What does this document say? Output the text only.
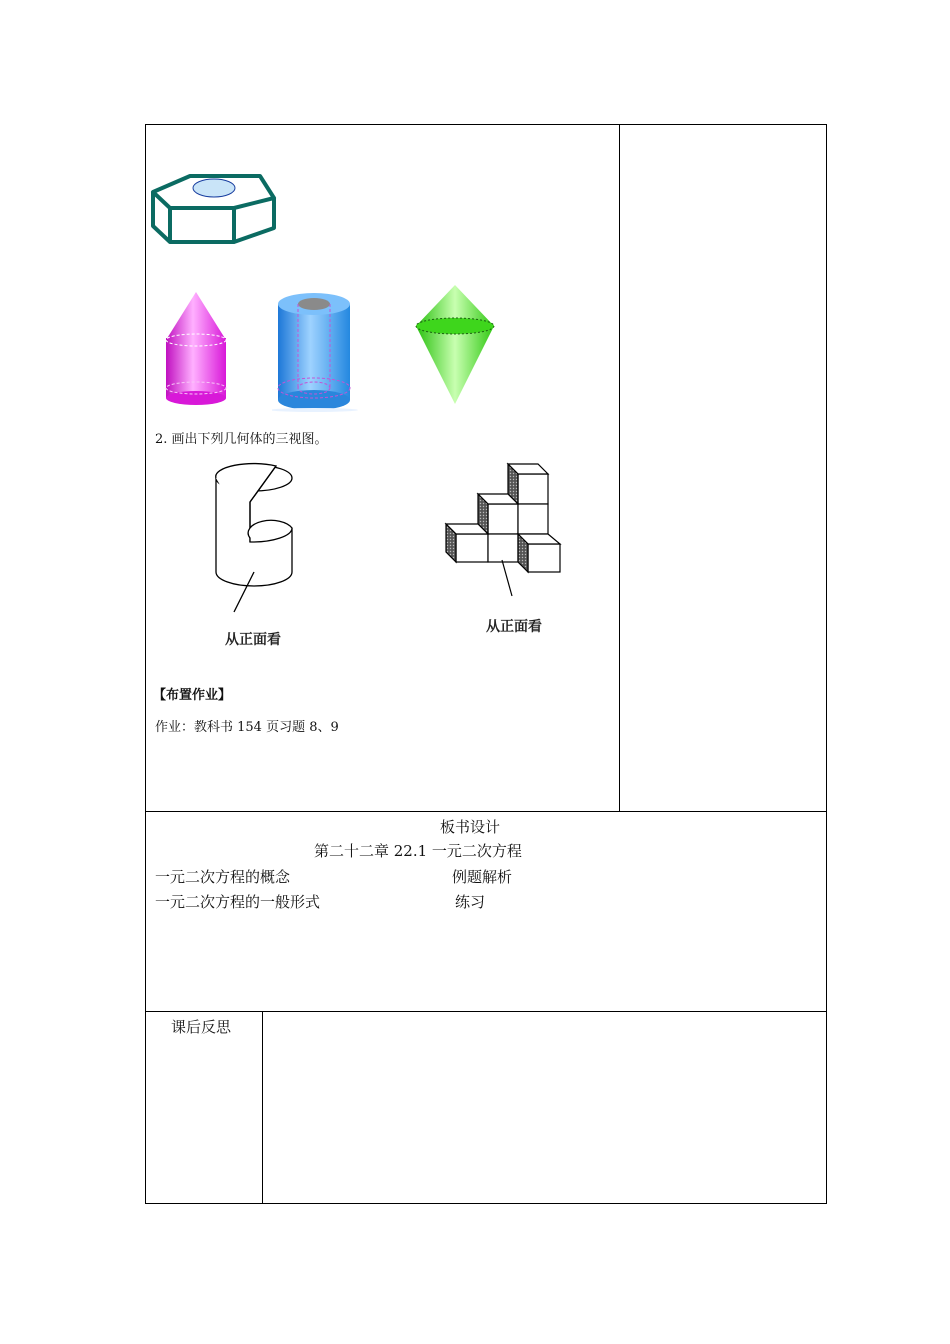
2. 画出下列几何体的三视图。
从正面看
从正面看
【布置作业】
作业：教科书 154 页习题 8、9
板书设计
第二十二章 22.1 一元二次方程
一元二次方程的概念
一元二次方程的一般形式
例题解析
练习
课后反思
